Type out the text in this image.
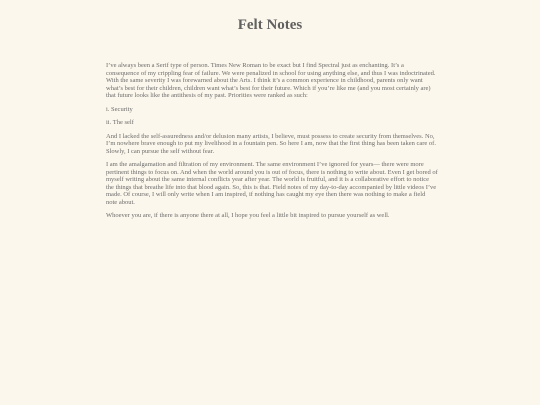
Felt Notes

I’ve always been a Serif type of person. Times New Roman to be exact but I find Spectral just as enchanting. It’s a consequence of my crippling fear of failure. We were penalized in school for using anything else, and thus I was indoctrinated. With the same severity I was forewarned about the Arts. I think it’s a common experience in childhood, parents only want what’s best for their children, children want what’s best for their future. Which if you’re like me (and you most certainly are) that future looks like the antithesis of my past. Priorities were ranked as such:

i. Security

ii. The self

And I lacked the self-assuredness and/or delusion many artists, I believe, must possess to create security from themselves. No, I’m nowhere brave enough to put my livelihood in a fountain pen. So here I am, now that the first thing has been taken care of. Slowly, I can pursue the self without fear.

I am the amalgamation and filtration of my environment. The same environment I’ve ignored for years— there were more pertinent things to focus on. And when the world around you is out of focus, there is nothing to write about. Even I get bored of myself writing about the same internal conflicts year after year. The world is fruitful, and it is a collaborative effort to notice the things that breathe life into that blood again. So, this is that. Field notes of my day-to-day accompanied by little videos I’ve made. Of course, I will only write when I am inspired, if nothing has caught my eye then there was nothing to make a field note about.

Whoever you are, if there is anyone there at all, I hope you feel a little bit inspired to pursue yourself as well.
